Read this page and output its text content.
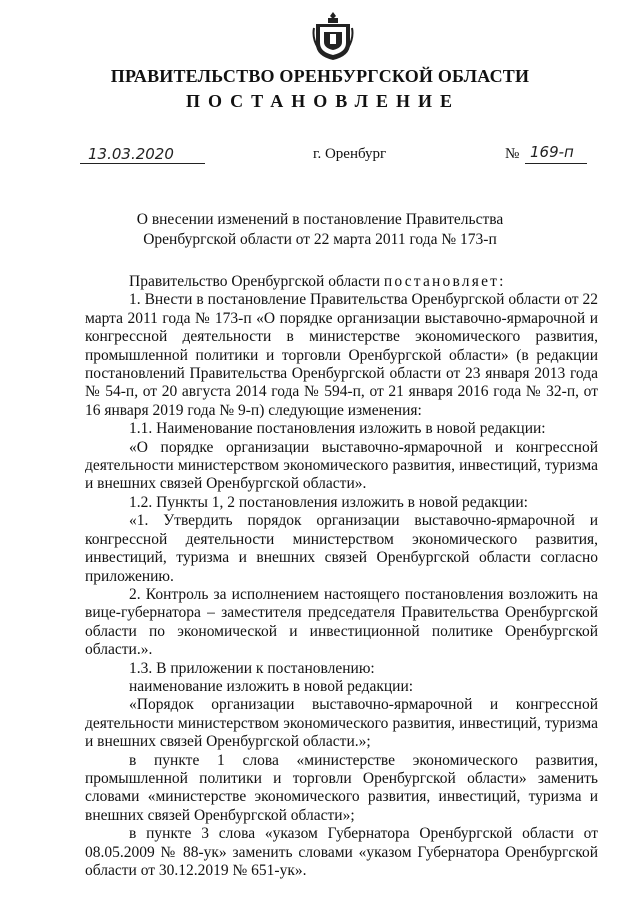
ПРАВИТЕЛЬСТВО ОРЕНБУРГСКОЙ ОБЛАСТИ
ПОСТАНОВЛЕНИЕ
13.03.2020	г. Оренбург	№ 169-п
О внесении изменений в постановление Правительства
Оренбургской области от 22 марта 2011 года № 173-п

Правительство Оренбургской области постановляет:

1. Внести в постановление Правительства Оренбургской области от 22 марта 2011 года № 173-п «О порядке организации выставочно-ярмарочной и конгрессной деятельности в министерстве экономического развития, промышленной политики и торговли Оренбургской области» (в редакции постановлений Правительства Оренбургской области от 23 января 2013 года № 54-п, от 20 августа 2014 года № 594-п, от 21 января 2016 года № 32-п, от 16 января 2019 года № 9-п) следующие изменения:

1.1. Наименование постановления изложить в новой редакции:

«О порядке организации выставочно-ярмарочной и конгрессной деятельности министерством экономического развития, инвестиций, туризма и внешних связей Оренбургской области».

1.2. Пункты 1, 2 постановления изложить в новой редакции:

«1. Утвердить порядок организации выставочно-ярмарочной и конгрессной деятельности министерством экономического развития, инвестиций, туризма и внешних связей Оренбургской области согласно приложению.

2. Контроль за исполнением настоящего постановления возложить на вице-губернатора – заместителя председателя Правительства Оренбургской области по экономической и инвестиционной политике Оренбургской области.».

1.3. В приложении к постановлению:

наименование изложить в новой редакции:

«Порядок организации выставочно-ярмарочной и конгрессной деятельности министерством экономического развития, инвестиций, туризма и внешних связей Оренбургской области.»;

в пункте 1 слова «министерстве экономического развития, промышленной политики и торговли Оренбургской области» заменить словами «министерстве экономического развития, инвестиций, туризма и внешних связей Оренбургской области»;

в пункте 3 слова «указом Губернатора Оренбургской области от 08.05.2009 № 88-ук» заменить словами «указом Губернатора Оренбургской области от 30.12.2019 № 651-ук».
